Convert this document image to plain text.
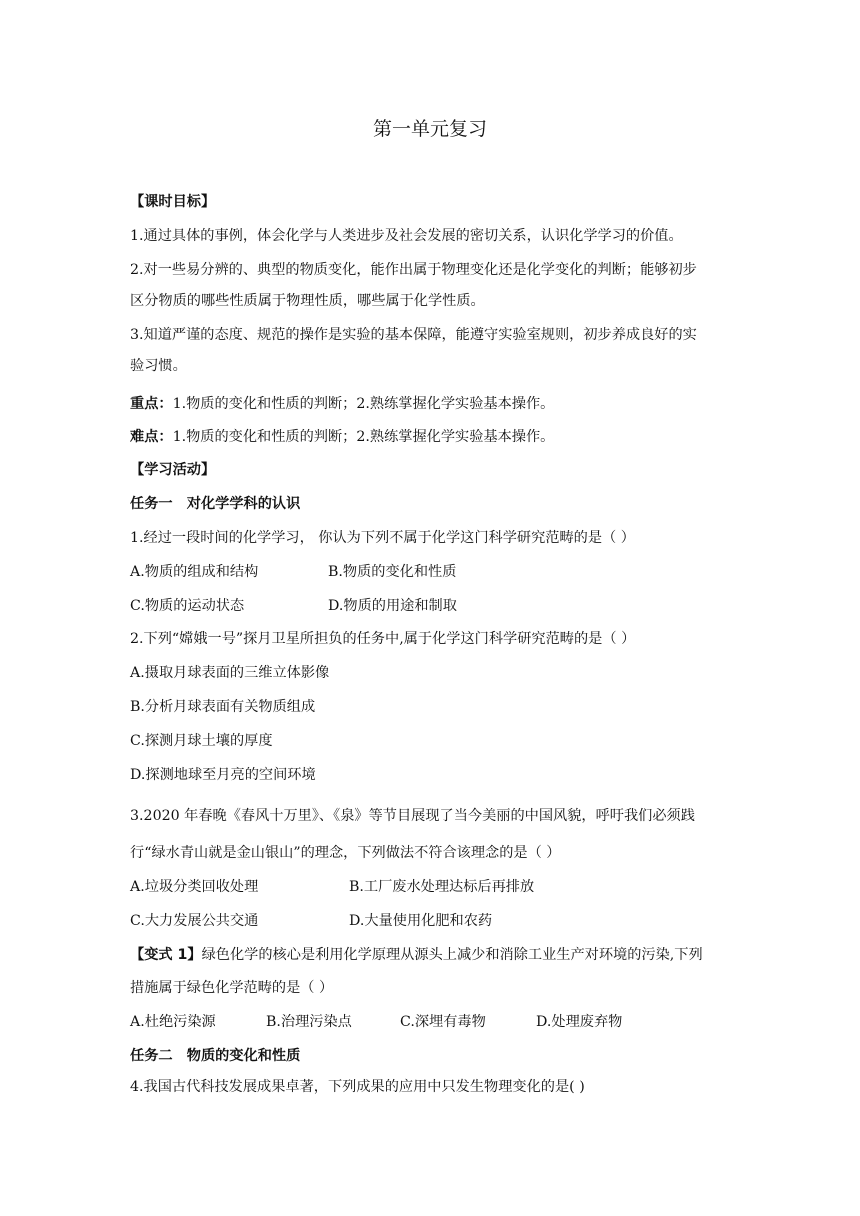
第一单元复习
【课时目标】
1.通过具体的事例，体会化学与人类进步及社会发展的密切关系，认识化学学习的价值。
2.对一些易分辨的、典型的物质变化，能作出属于物理变化还是化学变化的判断；能够初步
区分物质的哪些性质属于物理性质，哪些属于化学性质。
3.知道严谨的态度、规范的操作是实验的基本保障，能遵守实验室规则，初步养成良好的实
验习惯。
重点：1.物质的变化和性质的判断；2.熟练掌握化学实验基本操作。
难点：1.物质的变化和性质的判断；2.熟练掌握化学实验基本操作。
【学习活动】
任务一　对化学学科的认识
1.经过一段时间的化学学习， 你认为下列不属于化学这门科学研究范畴的是（ ）
A.物质的组成和结构	B.物质的变化和性质
C.物质的运动状态	D.物质的用途和制取
2.下列“嫦娥一号”探月卫星所担负的任务中,属于化学这门科学研究范畴的是（ ）
A.摄取月球表面的三维立体影像
B.分析月球表面有关物质组成
C.探测月球土壤的厚度
D.探测地球至月亮的空间环境
3.2020 年春晚《春风十万里》、《泉》等节目展现了当今美丽的中国风貌，呼吁我们必须践
行“绿水青山就是金山银山”的理念，下列做法不符合该理念的是（ ）
A.垃圾分类回收处理	B.工厂废水处理达标后再排放
C.大力发展公共交通	D.大量使用化肥和农药
【变式 1】绿色化学的核心是利用化学原理从源头上减少和消除工业生产对环境的污染,下列
措施属于绿色化学范畴的是（ ）
A.杜绝污染源	B.治理污染点	C.深埋有毒物	D.处理废弃物
任务二　物质的变化和性质
4.我国古代科技发展成果卓著，下列成果的应用中只发生物理变化的是( )
